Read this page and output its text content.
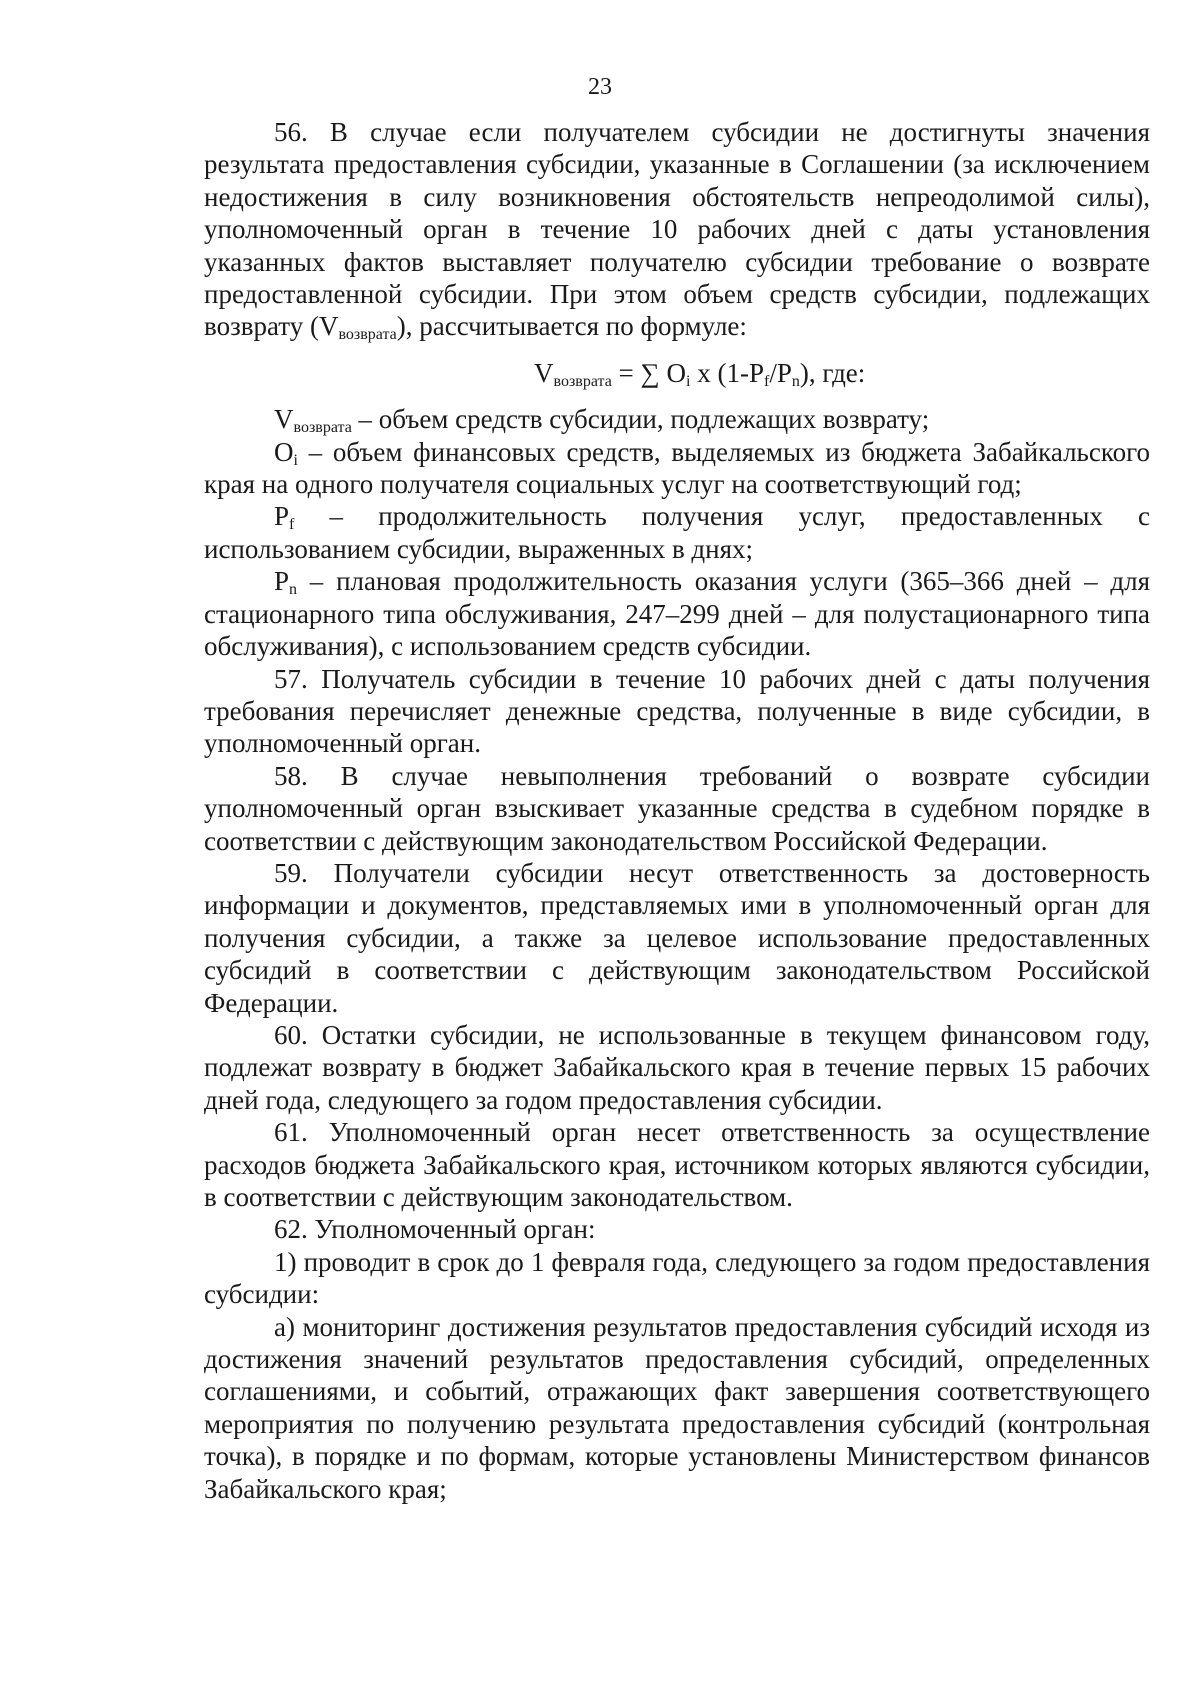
23

56. В случае если получателем субсидии не достигнуты значения результата предоставления субсидии, указанные в Соглашении (за исключением недостижения в силу возникновения обстоятельств непреодолимой силы), уполномоченный орган в течение 10 рабочих дней с даты установления указанных фактов выставляет получателю субсидии требование о возврате предоставленной субсидии. При этом объем средств субсидии, подлежащих возврату $(V_{возврата})$, рассчитывается по формуле:

$V_{возврата}$ = ∑ $O_i$ x $(1-P_f/P_n)$, где:

$V_{возврата}$ – объем средств субсидии, подлежащих возврату;

$O_i$ – объем финансовых средств, выделяемых из бюджета Забайкальского края на одного получателя социальных услуг на соответствующий год;

$P_f$ – продолжительность получения услуг, предоставленных с использованием субсидии, выраженных в днях;

$P_n$ – плановая продолжительность оказания услуги (365–366 дней – для стационарного типа обслуживания, 247–299 дней – для полустационарного типа обслуживания), с использованием средств субсидии.

57. Получатель субсидии в течение 10 рабочих дней с даты получения требования перечисляет денежные средства, полученные в виде субсидии, в уполномоченный орган.

58. В случае невыполнения требований о возврате субсидии уполномоченный орган взыскивает указанные средства в судебном порядке в соответствии с действующим законодательством Российской Федерации.

59. Получатели субсидии несут ответственность за достоверность информации и документов, представляемых ими в уполномоченный орган для получения субсидии, а также за целевое использование предоставленных субсидий в соответствии с действующим законодательством Российской Федерации.

60. Остатки субсидии, не использованные в текущем финансовом году, подлежат возврату в бюджет Забайкальского края в течение первых 15 рабочих дней года, следующего за годом предоставления субсидии.

61. Уполномоченный орган несет ответственность за осуществление расходов бюджета Забайкальского края, источником которых являются субсидии, в соответствии с действующим законодательством.

62. Уполномоченный орган:

1) проводит в срок до 1 февраля года, следующего за годом предоставления субсидии:

а) мониторинг достижения результатов предоставления субсидий исходя из достижения значений результатов предоставления субсидий, определенных соглашениями, и событий, отражающих факт завершения соответствующего мероприятия по получению результата предоставления субсидий (контрольная точка), в порядке и по формам, которые установлены Министерством финансов Забайкальского края;
